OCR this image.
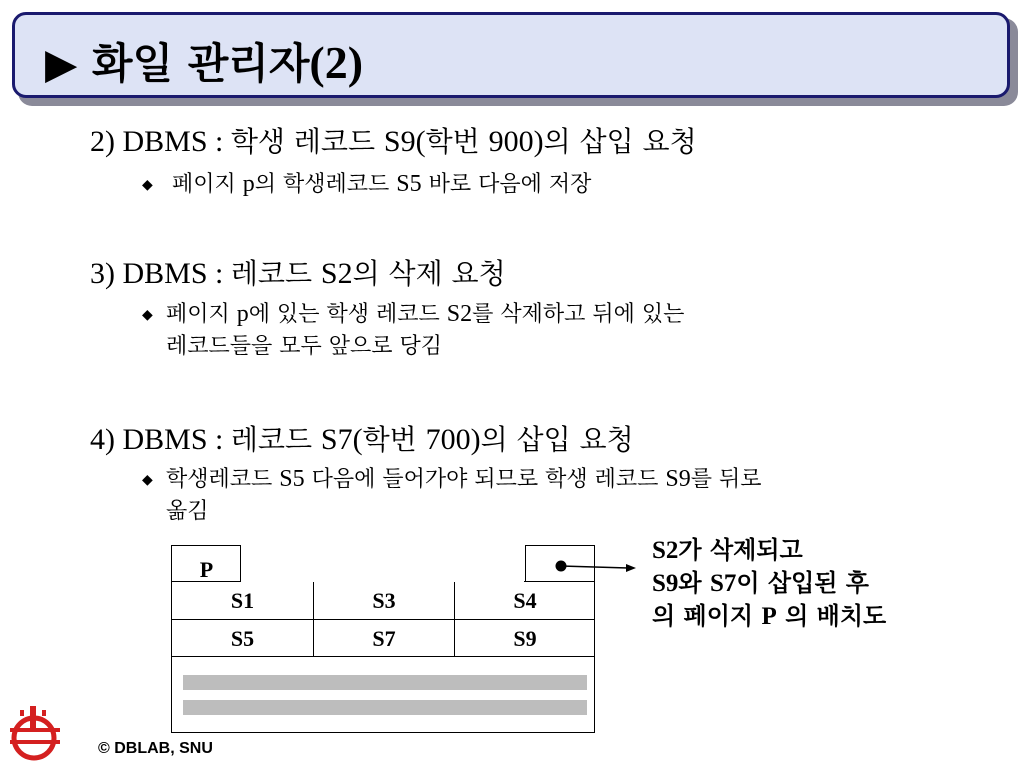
▶ 화일 관리자(2)
2) DBMS : 학생 레코드 S9(학번 900)의 삽입 요청
◆ 페이지 p의 학생레코드 S5 바로 다음에 저장
3) DBMS : 레코드 S2의 삭제 요청
◆ 페이지 p에 있는 학생 레코드 S2를 삭제하고 뒤에 있는
레코드들을 모두 앞으로 당김
4) DBMS : 레코드 S7(학번 700)의 삽입 요청
◆ 학생레코드 S5 다음에 들어가야 되므로 학생 레코드 S9를 뒤로
옮김
P
S1	S3	S4
S5	S7	S9
S2가 삭제되고
S9와 S7이 삽입된 후
의 페이지 P 의 배치도
© DBLAB, SNU
